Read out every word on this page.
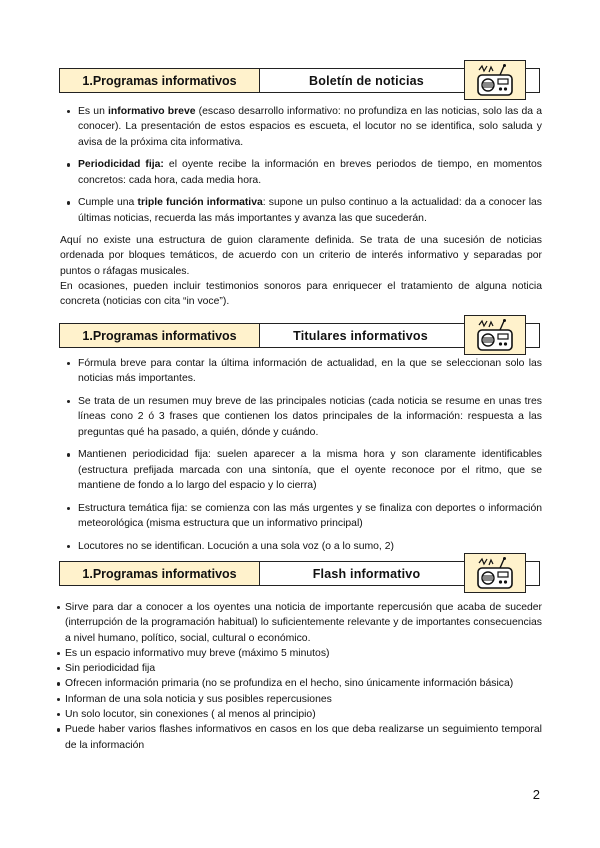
1.Programas informativos	Boletín de noticias
Es un informativo breve (escaso desarrollo informativo: no profundiza en las noticias, solo las da a conocer). La presentación de estos espacios es escueta, el locutor no se identifica, solo saluda y avisa de la próxima cita informativa.
Periodicidad fija: el oyente recibe la información en breves periodos de tiempo, en momentos concretos: cada hora, cada media hora.
Cumple una triple función informativa: supone un pulso continuo a la actualidad: da a conocer las últimas noticias, recuerda las más importantes y avanza las que sucederán.

Aquí no existe una estructura de guion claramente definida. Se trata de una sucesión de noticias ordenada por bloques temáticos, de acuerdo con un criterio de interés informativo y separadas por puntos o ráfagas musicales.

En ocasiones, pueden incluir testimonios sonoros para enriquecer el tratamiento de alguna noticia concreta (noticias con cita “in voce”).

1.Programas informativos	Titulares informativos
Fórmula breve para contar la última información de actualidad, en la que se seleccionan solo las noticias más importantes.
Se trata de un resumen muy breve de las principales noticias (cada noticia se resume en unas tres líneas cono 2 ó 3 frases que contienen los datos principales de la información: respuesta a las preguntas qué ha pasado, a quién, dónde y cuándo.
Mantienen periodicidad fija: suelen aparecer a la misma hora y son claramente identificables (estructura prefijada marcada con una sintonía, que el oyente reconoce por el ritmo, que se mantiene de fondo a lo largo del espacio y lo cierra)
Estructura temática fija: se comienza con las más urgentes y se finaliza con deportes o información meteorológica (misma estructura que un informativo principal)
Locutores no se identifican. Locución a una sola voz (o a lo sumo, 2)
1.Programas informativos	Flash informativo
Sirve para dar a conocer a los oyentes una noticia de importante repercusión que acaba de suceder (interrupción de la programación habitual) lo suficientemente relevante y de importantes consecuencias a nivel humano, político, social, cultural o económico.
Es un espacio informativo muy breve (máximo 5 minutos)
Sin periodicidad fija
Ofrecen información primaria (no se profundiza en el hecho, sino únicamente información básica)
Informan de una sola noticia y sus posibles repercusiones
Un solo locutor, sin conexiones ( al menos al principio)
Puede haber varios flashes informativos en casos en los que deba realizarse un seguimiento temporal de la información
2
